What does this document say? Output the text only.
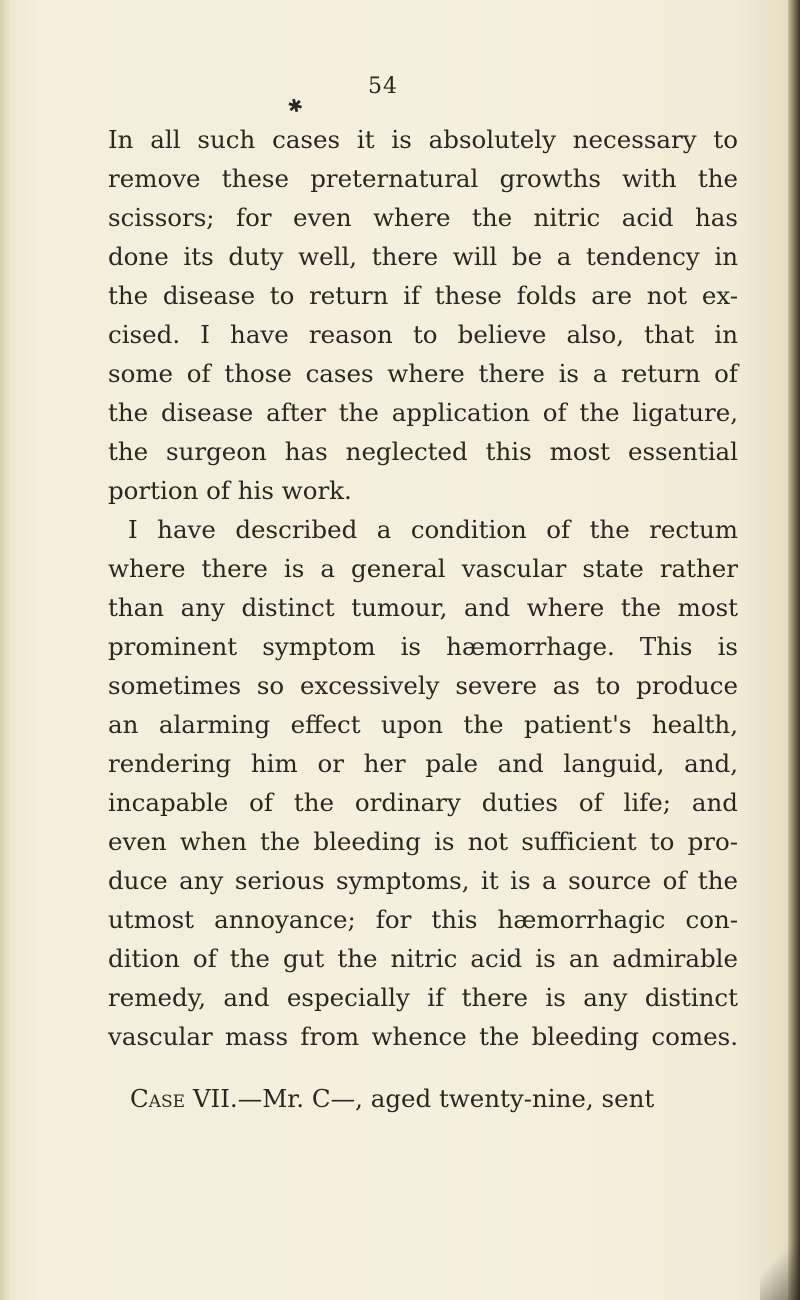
54
✱
In all such cases it is absolutely necessary to
remove these preternatural growths with the
scissors; for even where the nitric acid has
done its duty well, there will be a tendency in
the disease to return if these folds are not ex-
cised. I have reason to believe also, that in
some of those cases where there is a return of
the disease after the application of the ligature,
the surgeon has neglected this most essential
portion of his work.
I have described a condition of the rectum
where there is a general vascular state rather
than any distinct tumour, and where the most
prominent symptom is hæmorrhage. This is
sometimes so excessively severe as to produce
an alarming effect upon the patient's health,
rendering him or her pale and languid, and,
incapable of the ordinary duties of life; and
even when the bleeding is not sufficient to pro-
duce any serious symptoms, it is a source of the
utmost annoyance; for this hæmorrhagic con-
dition of the gut the nitric acid is an admirable
remedy, and especially if there is any distinct
vascular mass from whence the bleeding comes.
Case VII.—Mr. C—, aged twenty-nine, sent
